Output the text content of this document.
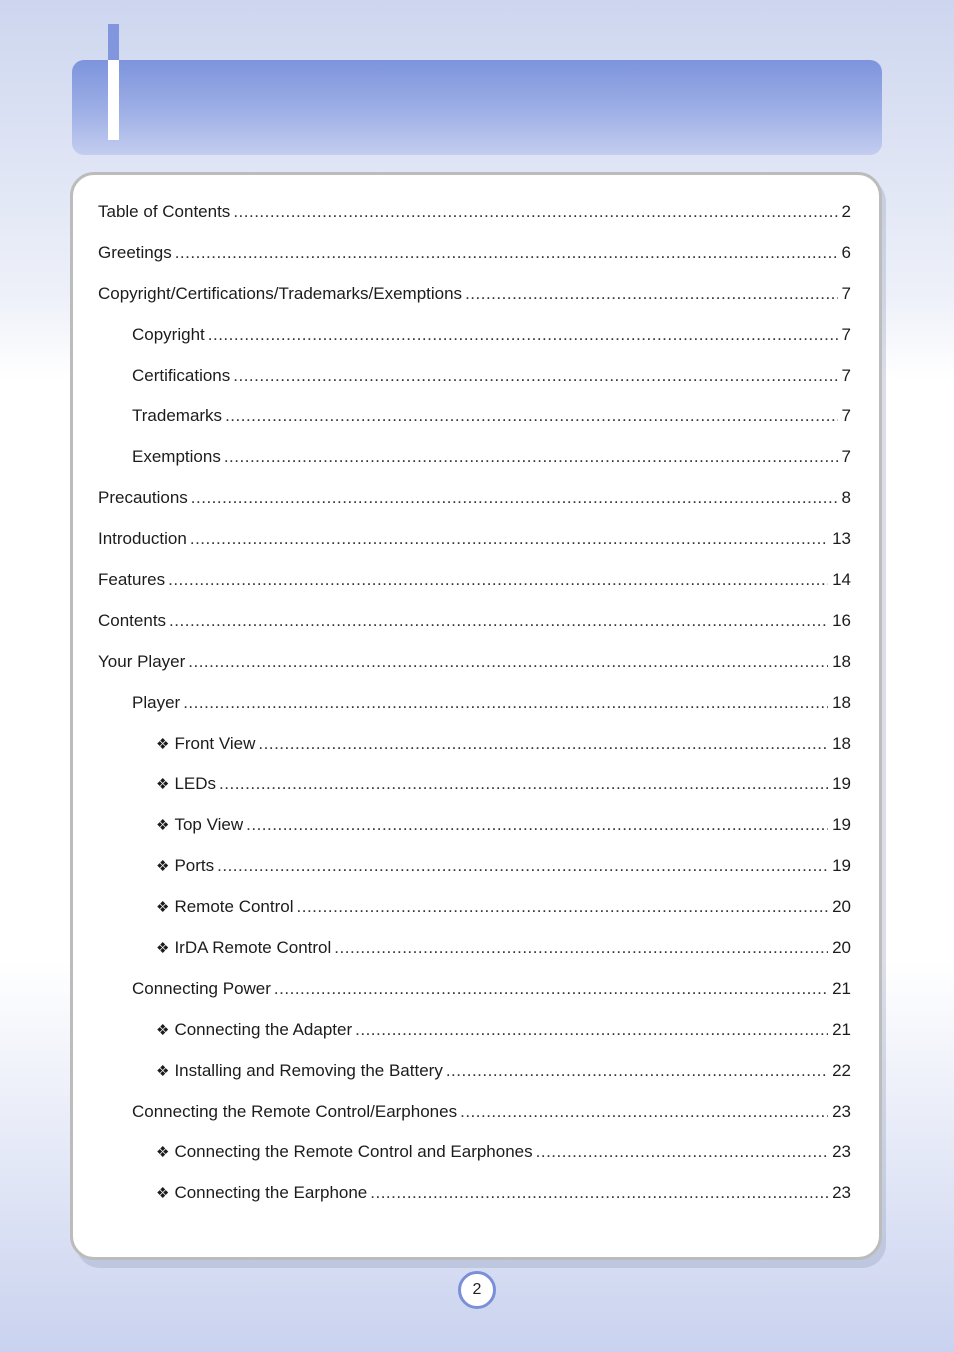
Table of Contents .....	2
Greetings .....	6
Copyright/Certifications/Trademarks/Exemptions .....	7
Copyright .....	7
Certifications .....	7
Trademarks .....	7
Exemptions .....	7
Precautions .....	8
Introduction .....	13
Features .....	14
Contents .....	16
Your Player .....	18
Player .....	18
❖ Front View .....	18
❖ LEDs .....	19
❖ Top View .....	19
❖ Ports .....	19
❖ Remote Control .....	20
❖ IrDA Remote Control .....	20
Connecting Power .....	21
❖ Connecting the Adapter .....	21
❖ Installing and Removing the Battery .....	22
Connecting the Remote Control/Earphones .....	23
❖ Connecting the Remote Control and Earphones .....	23
❖ Connecting the Earphone .....	23
2
